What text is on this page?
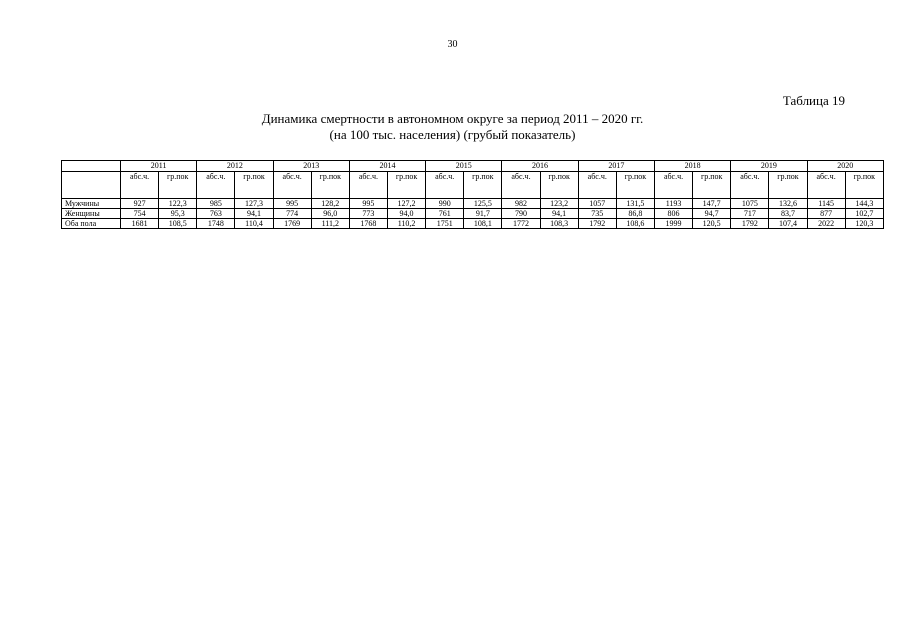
30
Таблица 19
Динамика смертности в автономном округе за период 2011 – 2020 гг.
(на 100 тыс. населения) (грубый показатель)
	2011		2012		2013		2014		2015		2016		2017		2018		2019		2020	
	абс.ч.	гр.пок	абс.ч.	гр.пок	абс.ч.	гр.пок	абс.ч.	гр.пок	абс.ч.	гр.пок	абс.ч.	гр.пок	абс.ч.	гр.пок	абс.ч.	гр.пок	абс.ч.	гр.пок	абс.ч.	гр.пок
Мужчины	927	122,3	985	127,3	995	128,2	995	127,2	990	125,5	982	123,2	1057	131,5	1193	147,7	1075	132,6	1145	144,3
Женщины	754	95,3	763	94,1	774	96,0	773	94,0	761	91,7	790	94,1	735	86,8	806	94,7	717	83,7	877	102,7
Оба пола	1681	108,5	1748	110,4	1769	111,2	1768	110,2	1751	108,1	1772	108,3	1792	108,6	1999	120,5	1792	107,4	2022	120,3
